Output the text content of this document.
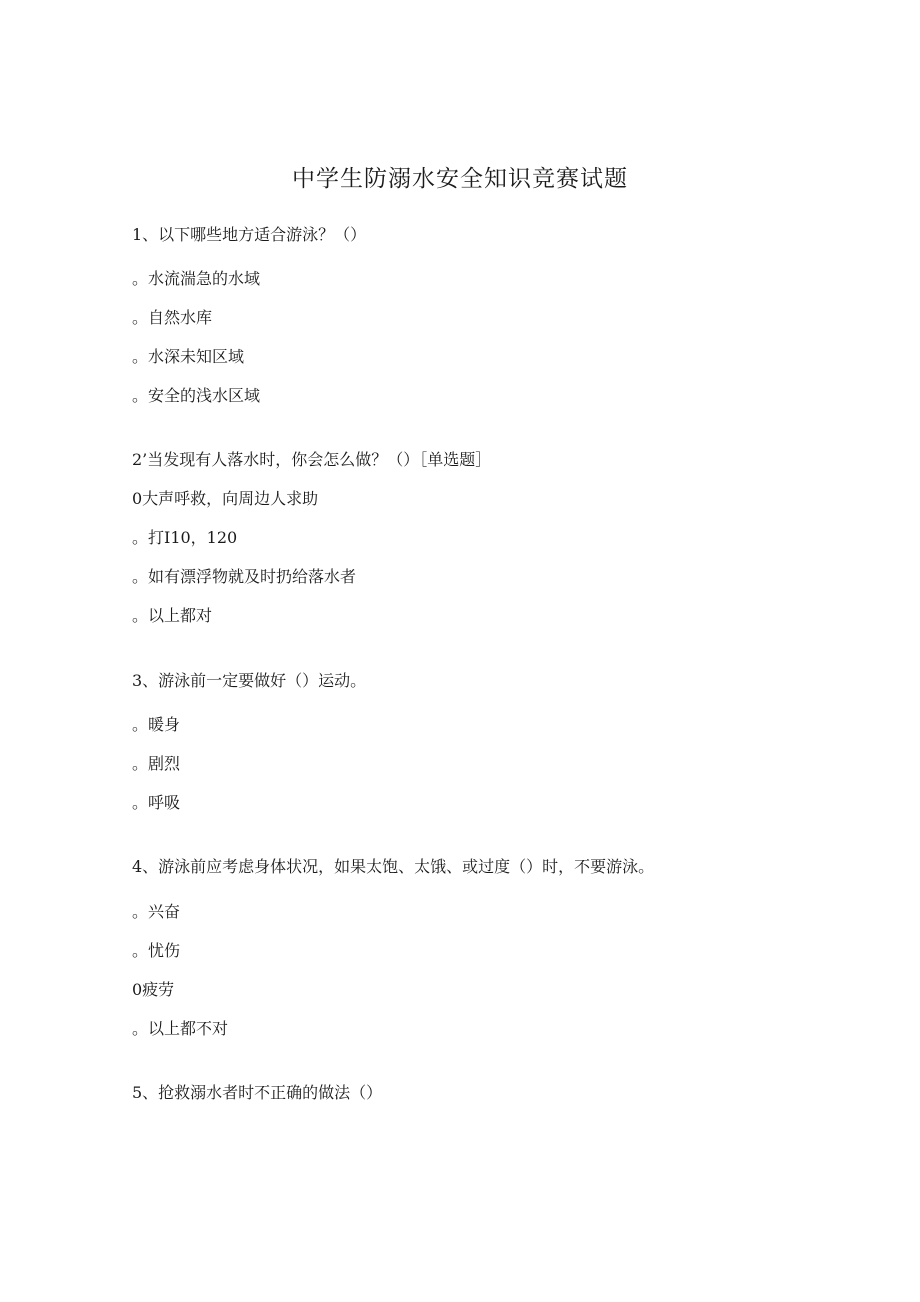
中学生防溺水安全知识竞赛试题
1、以下哪些地方适合游泳？（）
。水流湍急的水域
。自然水库
。水深未知区域
。安全的浅水区域
2’当发现有人落水时，你会怎么做？（）［单选题］
0大声呼救，向周边人求助
。打I10，120
。如有漂浮物就及时扔给落水者
。以上都对
3、游泳前一定要做好（）运动。
。暖身
。剧烈
。呼吸
4、游泳前应考虑身体状况，如果太饱、太饿、或过度（）时，不要游泳。
。兴奋
。忧伤
0疲劳
。以上都不对
5、抢救溺水者时不正确的做法（）
